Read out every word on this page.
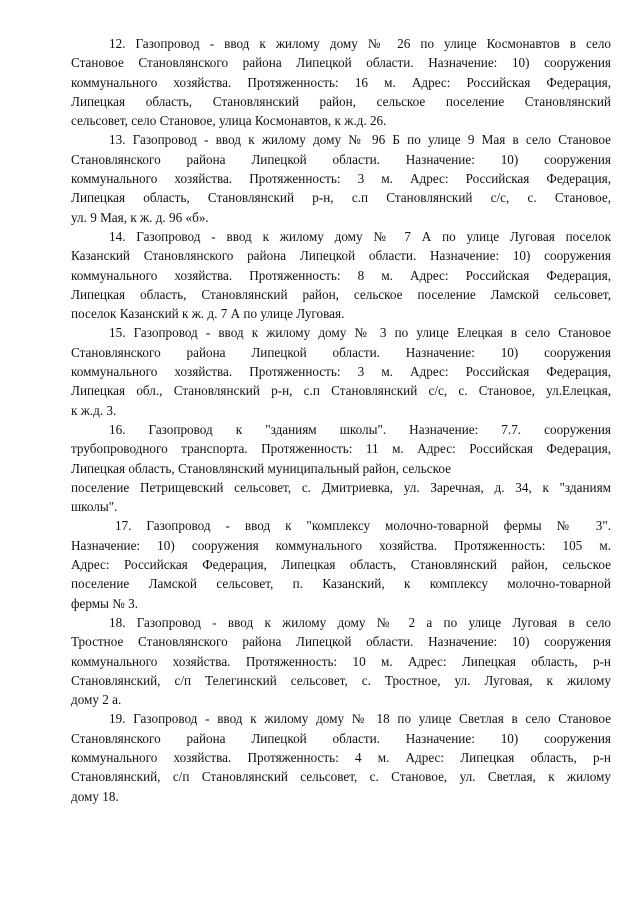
12. Газопровод - ввод к жилому дому № 26 по улице Космонавтов в село
Становое Становлянского района Липецкой области. Назначение: 10) сооружения
коммунального хозяйства. Протяженность: 16 м. Адрес: Российская Федерация,
Липецкая область, Становлянский район, сельское поселение Становлянский
сельсовет, село Становое, улица Космонавтов, к ж.д. 26.
13. Газопровод - ввод к жилому дому № 96 Б по улице 9 Мая в село Становое
Становлянского района Липецкой области. Назначение: 10) сооружения
коммунального хозяйства. Протяженность: 3 м. Адрес: Российская Федерация,
Липецкая область, Становлянский р-н, с.п Становлянский с/с, с. Становое,
ул. 9 Мая, к ж. д. 96 «б».
14. Газопровод - ввод к жилому дому № 7 А по улице Луговая поселок
Казанский Становлянского района Липецкой области. Назначение: 10) сооружения
коммунального хозяйства. Протяженность: 8 м. Адрес: Российская Федерация,
Липецкая область, Становлянский район, сельское поселение Ламской сельсовет,
поселок Казанский к ж. д. 7 А по улице Луговая.
15. Газопровод - ввод к жилому дому № 3 по улице Елецкая в село Становое
Становлянского района Липецкой области. Назначение: 10) сооружения
коммунального хозяйства. Протяженность: 3 м. Адрес: Российская Федерация,
Липецкая обл., Становлянский р-н, с.п Становлянский с/с, с. Становое, ул.Елецкая,
к ж.д. 3.
16. Газопровод к "зданиям школы". Назначение: 7.7. сооружения
трубопроводного транспорта. Протяженность: 11 м. Адрес: Российская Федерация,
Липецкая область, Становлянский муниципальный район, сельское
поселение Петрищевский сельсовет, с. Дмитриевка, ул. Заречная, д. 34, к "зданиям
школы".
17. Газопровод - ввод к "комплексу молочно-товарной фермы № 3".
Назначение: 10) сооружения коммунального хозяйства. Протяженность: 105 м.
Адрес: Российская Федерация, Липецкая область, Становлянский район, сельское
поселение Ламской сельсовет, п. Казанский, к комплексу молочно-товарной
фермы № 3.
18. Газопровод - ввод к жилому дому № 2 а по улице Луговая в село
Тростное Становлянского района Липецкой области. Назначение: 10) сооружения
коммунального хозяйства. Протяженность: 10 м. Адрес: Липецкая область, р-н
Становлянский, с/п Телегинский сельсовет, с. Тростное, ул. Луговая, к жилому
дому 2 а.
19. Газопровод - ввод к жилому дому № 18 по улице Светлая в село Становое
Становлянского района Липецкой области. Назначение: 10) сооружения
коммунального хозяйства. Протяженность: 4 м. Адрес: Липецкая область, р-н
Становлянский, с/п Становлянский сельсовет, с. Становое, ул. Светлая, к жилому
дому 18.
